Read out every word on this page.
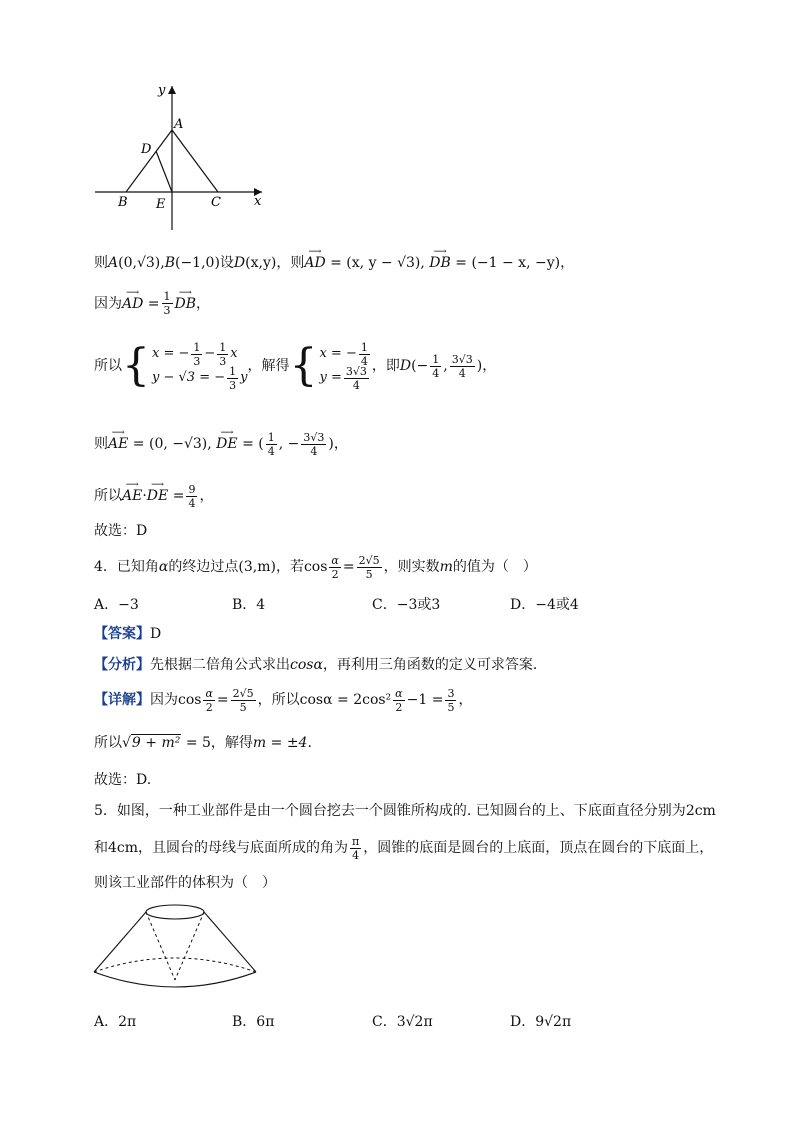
y
x
A
D
B E	C
则A(0,√3),B(−1,0)设D(x,y)，则⟶ AD = (x, y − √3), ⟶ DB = (−1 − x, −y)，
因为 ⟶ AD
= $\frac{1}{3}$ ⟶ DB ，
所以 { x = − $\frac{1}{3} - \frac{1}{3}$ x
y − √3 = − $\frac{1}{3}$ y
，解得 { x = − $\frac{1}{4}$
$y = \frac{3√3}{4}$ ，即 D (− $\frac{1}{4}$ , $\frac{3√3}{4}$ )，
则 ⟶ AE
= (0, −√3),
⟶ DE
= ( $\frac{1}{4}$ , − $\frac{3√3}{4}$ )，
所以 ⟶ AE · ⟶ DE
= $\frac{9}{4}$ ，
故选：D
4．已知角 α 的终边过点 (3,m) ，若 $\cos \frac{\alpha}{2} = \frac{2√5}{5}$ ，则实数 m 的值为（　）
A．−3	B．4	C．−3或3	D．−4或4
【答案】D
【分析】先根据二倍角公式求出cosα，再利用三角函数的定义可求答案.
【详解】 因为 $\cos \frac{\alpha}{2} = \frac{2√5}{5}$ ，所以 $\cos\alpha = 2\cos^2 \frac{\alpha}{2} -1 = \frac{3}{5}$ ，
所以√9 + m² = 5，解得m = ±4.
故选：D.
5．如图，一种工业部件是由一个圆台挖去一个圆锥所构成的. 已知圆台的上、下底面直径分别为2cm
和 4cm ，且圆台的母线与底面所成的角为 $\frac{\pi}{4}$ ，圆锥的底面是圆台的上底面，顶点在圆台的下底面上，
则该工业部件的体积为（　）
A．2π	B．6π	C．3√2π	D．9√2π
